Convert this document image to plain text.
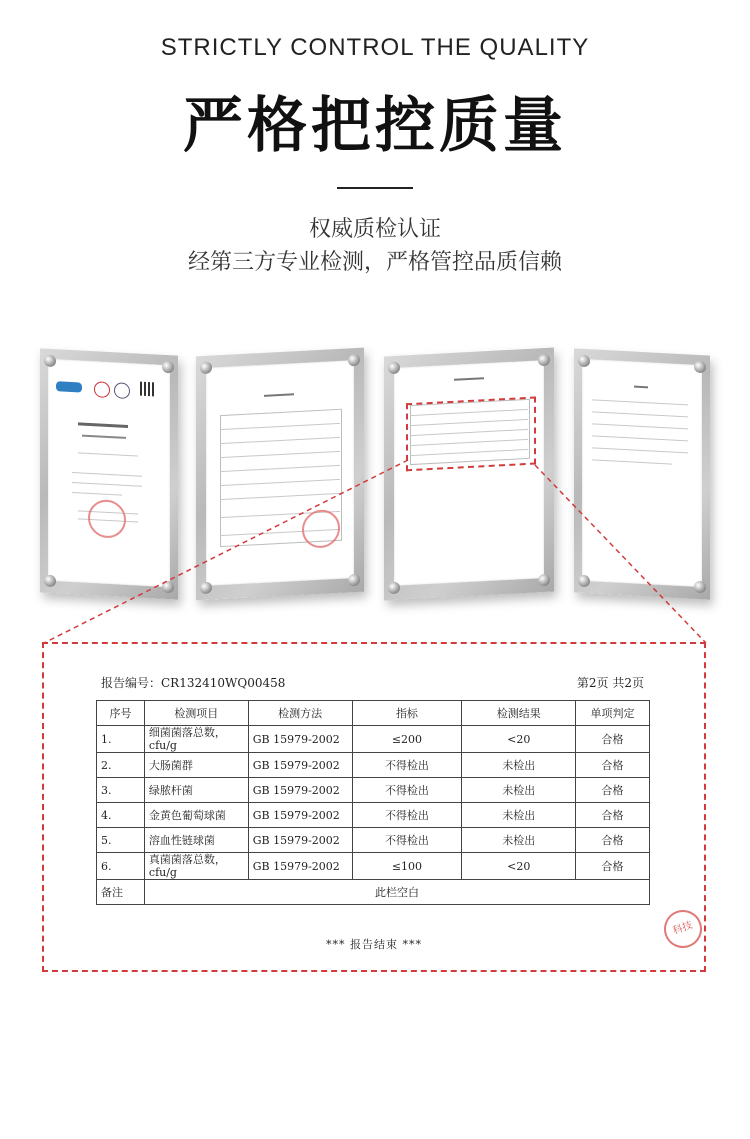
STRICTLY CONTROL THE QUALITY
严格把控质量
权威质检认证
经第三方专业检测，严格管控品质信赖
报告编号：CR132410WQ00458	第2页 共2页
序号	检测项目	检测方法	指标	检测结果	单项判定
1.	细菌菌落总数，cfu/g	GB 15979-2002	≤200	<20	合格
2.	大肠菌群	GB 15979-2002	不得检出	未检出	合格
3.	绿脓杆菌	GB 15979-2002	不得检出	未检出	合格
4.	金黄色葡萄球菌	GB 15979-2002	不得检出	未检出	合格
5.	溶血性链球菌	GB 15979-2002	不得检出	未检出	合格
6.	真菌菌落总数，cfu/g	GB 15979-2002	≤100	<20	合格
备注	此栏空白				
*** 报告结束 ***
科技
